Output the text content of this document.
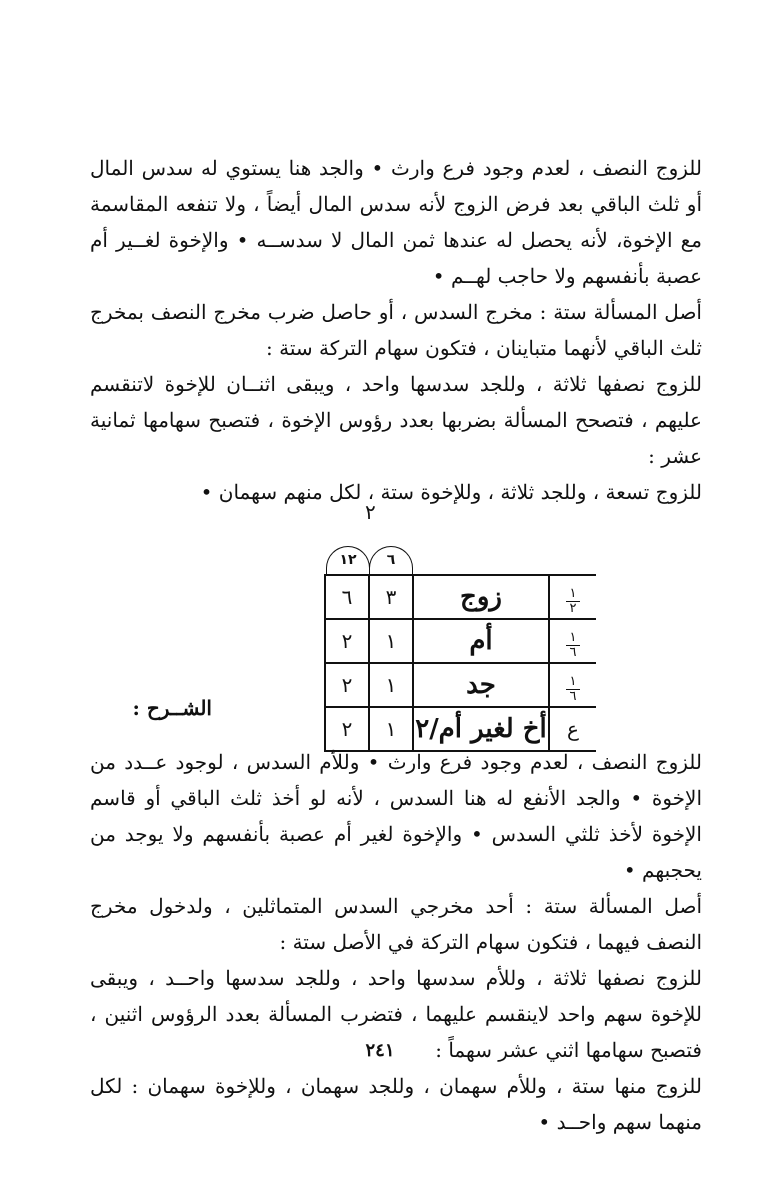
للزوج النصف ، لعدم وجود فرع وارث • والجد هنا يستوي له سدس المال أو ثلث الباقي بعد فرض الزوج لأنه سدس المال أيضاً ، ولا تنفعه المقاسمة مع الإخوة، لأنه يحصل له عندها ثمن المال لا سدســه • والإخوة لغــير أم عصبة بأنفسهم ولا حاجب لهــم •

أصل المسألة ستة : مخرج السدس ، أو حاصل ضرب مخرج النصف بمخرج ثلث الباقي لأنهما متباينان ، فتكون سهام التركة ستة :

للزوج نصفها ثلاثة ، وللجد سدسها واحد ، ويبقى اثنــان للإخوة لاتنقسم عليهم ، فتصحح المسألة بضربها بعدد رؤوس الإخوة ، فتصبح سهامها ثمانية عشر :

للزوج تسعة ، وللجد ثلاثة ، وللإخوة ستة ، لكل منهم سهمان •

٢
٦
١٢
$\frac{١}{٢}$	زوج	٣	٦

$\frac{١}{٦}$	أم	١	٢

$\frac{١}{٦}$	جد	١	٢
ع	أخ لغير أم/٢	١	٢
الشــرح :

للزوج النصف ، لعدم وجود فرع وارث • وللأم السدس ، لوجود عــدد من الإخوة • والجد الأنفع له هنا السدس ، لأنه لو أخذ ثلث الباقي أو قاسم الإخوة لأخذ ثلثي السدس • والإخوة لغير أم عصبة بأنفسهم ولا يوجد من يحجبهم •

أصل المسألة ستة : أحد مخرجي السدس المتماثلين ، ولدخول مخرج النصف فيهما ، فتكون سهام التركة في الأصل ستة :

للزوج نصفها ثلاثة ، وللأم سدسها واحد ، وللجد سدسها واحــد ، ويبقى للإخوة سهم واحد لاينقسم عليهما ، فتضرب المسألة بعدد الرؤوس اثنين ، فتصبح سهامها اثني عشر سهماً :

للزوج منها ستة ، وللأم سهمان ، وللجد سهمان ، وللإخوة سهمان : لكل منهما سهم واحــد •

٢٤١
